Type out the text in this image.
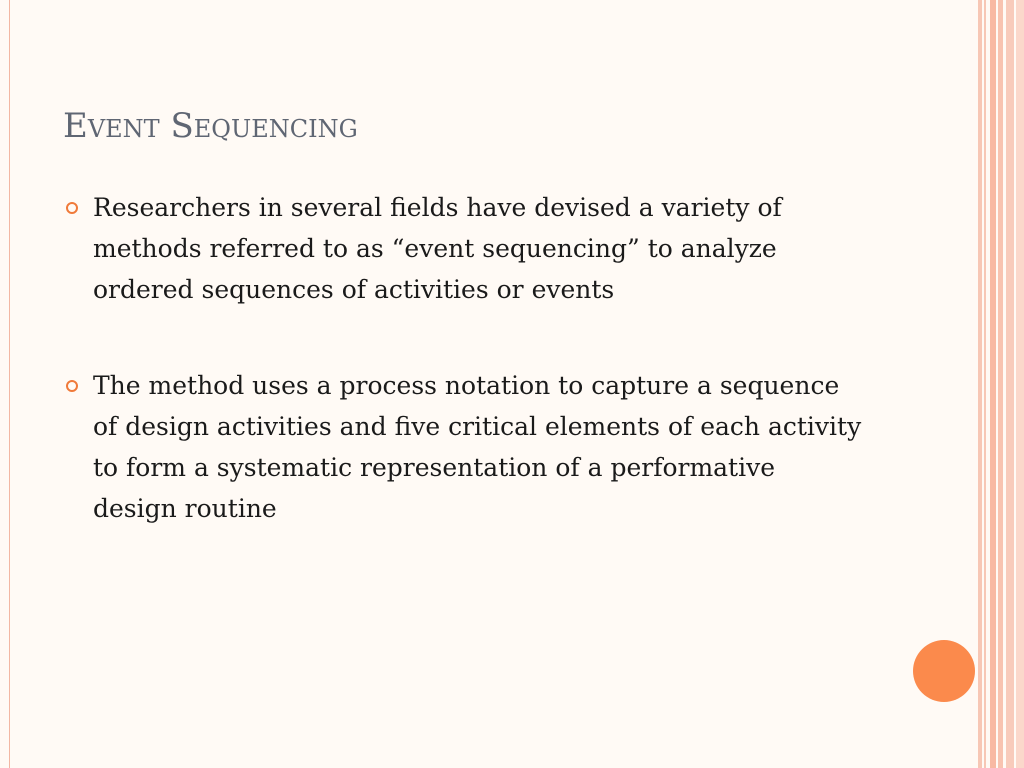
Event Sequencing
Researchers in several fields have devised a variety of methods referred to as “event sequencing” to analyze ordered sequences of activities or events
The method uses a process notation to capture a sequence of design activities and five critical elements of each activity to form a systematic representation of a performative design routine
